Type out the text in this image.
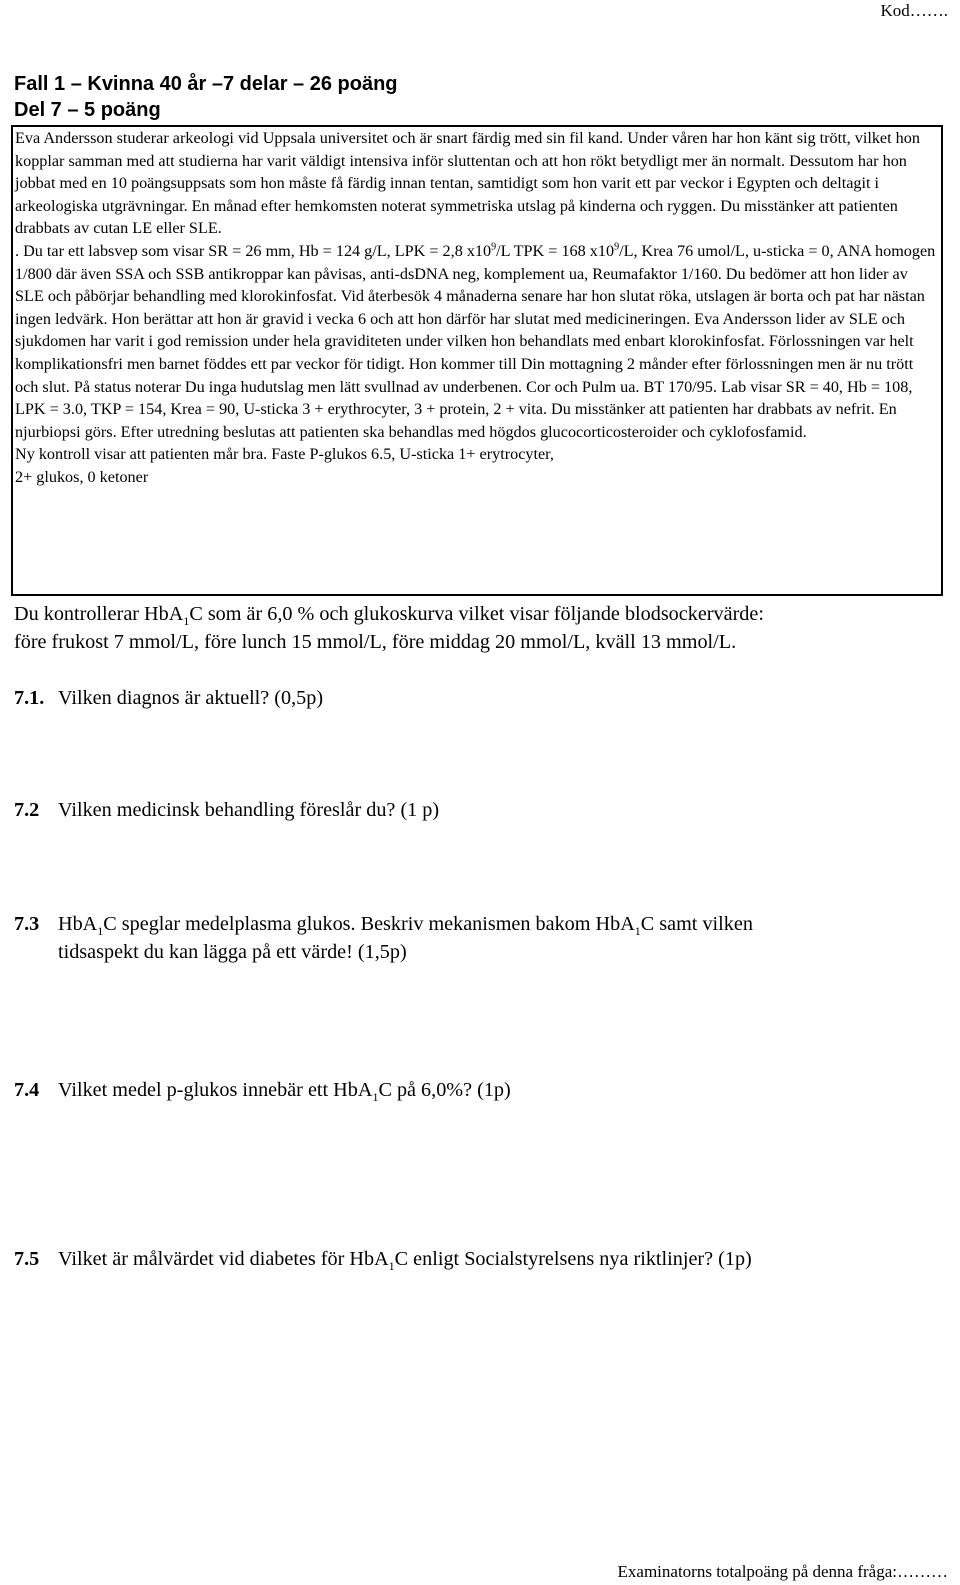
Kod…….
Fall 1 – Kvinna 40 år –7 delar – 26 poäng
Del 7 – 5 poäng

Eva Andersson studerar arkeologi vid Uppsala universitet och är snart färdig med sin fil kand. Under våren har hon känt sig trött, vilket hon kopplar samman med att studierna har varit väldigt intensiva inför sluttentan och att hon rökt betydligt mer än normalt. Dessutom har hon jobbat med en 10 poängsuppsats som hon måste få färdig innan tentan, samtidigt som hon varit ett par veckor i Egypten och deltagit i arkeologiska utgrävningar. En månad efter hemkomsten noterat symmetriska utslag på kinderna och ryggen. Du misstänker att patienten drabbats av cutan LE eller SLE.

. Du tar ett labsvep som visar SR = 26 mm, Hb = 124 g/L, LPK = 2,8 $x10^9/L$ TPK = 168 $x10^9/L$, Krea 76 umol/L, u-sticka = 0, ANA homogen 1/800 där även SSA och SSB antikroppar kan påvisas, anti-dsDNA neg, komplement ua, Reumafaktor 1/160. Du bedömer att hon lider av SLE och påbörjar behandling med klorokinfosfat. Vid återbesök 4 månaderna senare har hon slutat röka, utslagen är borta och pat har nästan ingen ledvärk. Hon berättar att hon är gravid i vecka 6 och att hon därför har slutat med medicineringen. Eva Andersson lider av SLE och sjukdomen har varit i god remission under hela graviditeten under vilken hon behandlats med enbart klorokinfosfat. Förlossningen var helt komplikationsfri men barnet föddes ett par veckor för tidigt. Hon kommer till Din mottagning 2 månder efter förlossningen men är nu trött och slut. På status noterar Du inga hudutslag men lätt svullnad av underbenen. Cor och Pulm ua. BT 170/95. Lab visar SR = 40, Hb = 108, LPK = 3.0, TKP = 154, Krea = 90, U-sticka 3 + erythrocyter, 3 + protein, 2 + vita. Du misstänker att patienten har drabbats av nefrit. En njurbiopsi görs. Efter utredning beslutas att patienten ska behandlas med högdos glucocorticosteroider och cyklofosfamid.

Ny kontroll visar att patienten mår bra. Faste P-glukos 6.5, U-sticka 1+ erytrocyter,

2+ glukos, 0 ketoner

Du kontrollerar HbA$_1$C som är 6,0 % och glukoskurva vilket visar följande blodsockervärde:

före frukost 7 mmol/L, före lunch 15 mmol/L, före middag 20 mmol/L, kväll 13 mmol/L.

7.1. Vilken diagnos är aktuell? (0,5p)
7.2 Vilken medicinsk behandling föreslår du? (1 p)
7.3 HbA$_1$C speglar medelplasma glukos. Beskriv mekanismen bakom HbA$_1$C samt vilken
tidsaspekt du kan lägga på ett värde! (1,5p)
7.4 Vilket medel p-glukos innebär ett HbA$_1$C på 6,0%? (1p)
7.5 Vilket är målvärdet vid diabetes för HbA$_1$C enligt Socialstyrelsens nya riktlinjer? (1p)
Examinatorns totalpoäng på denna fråga:………
